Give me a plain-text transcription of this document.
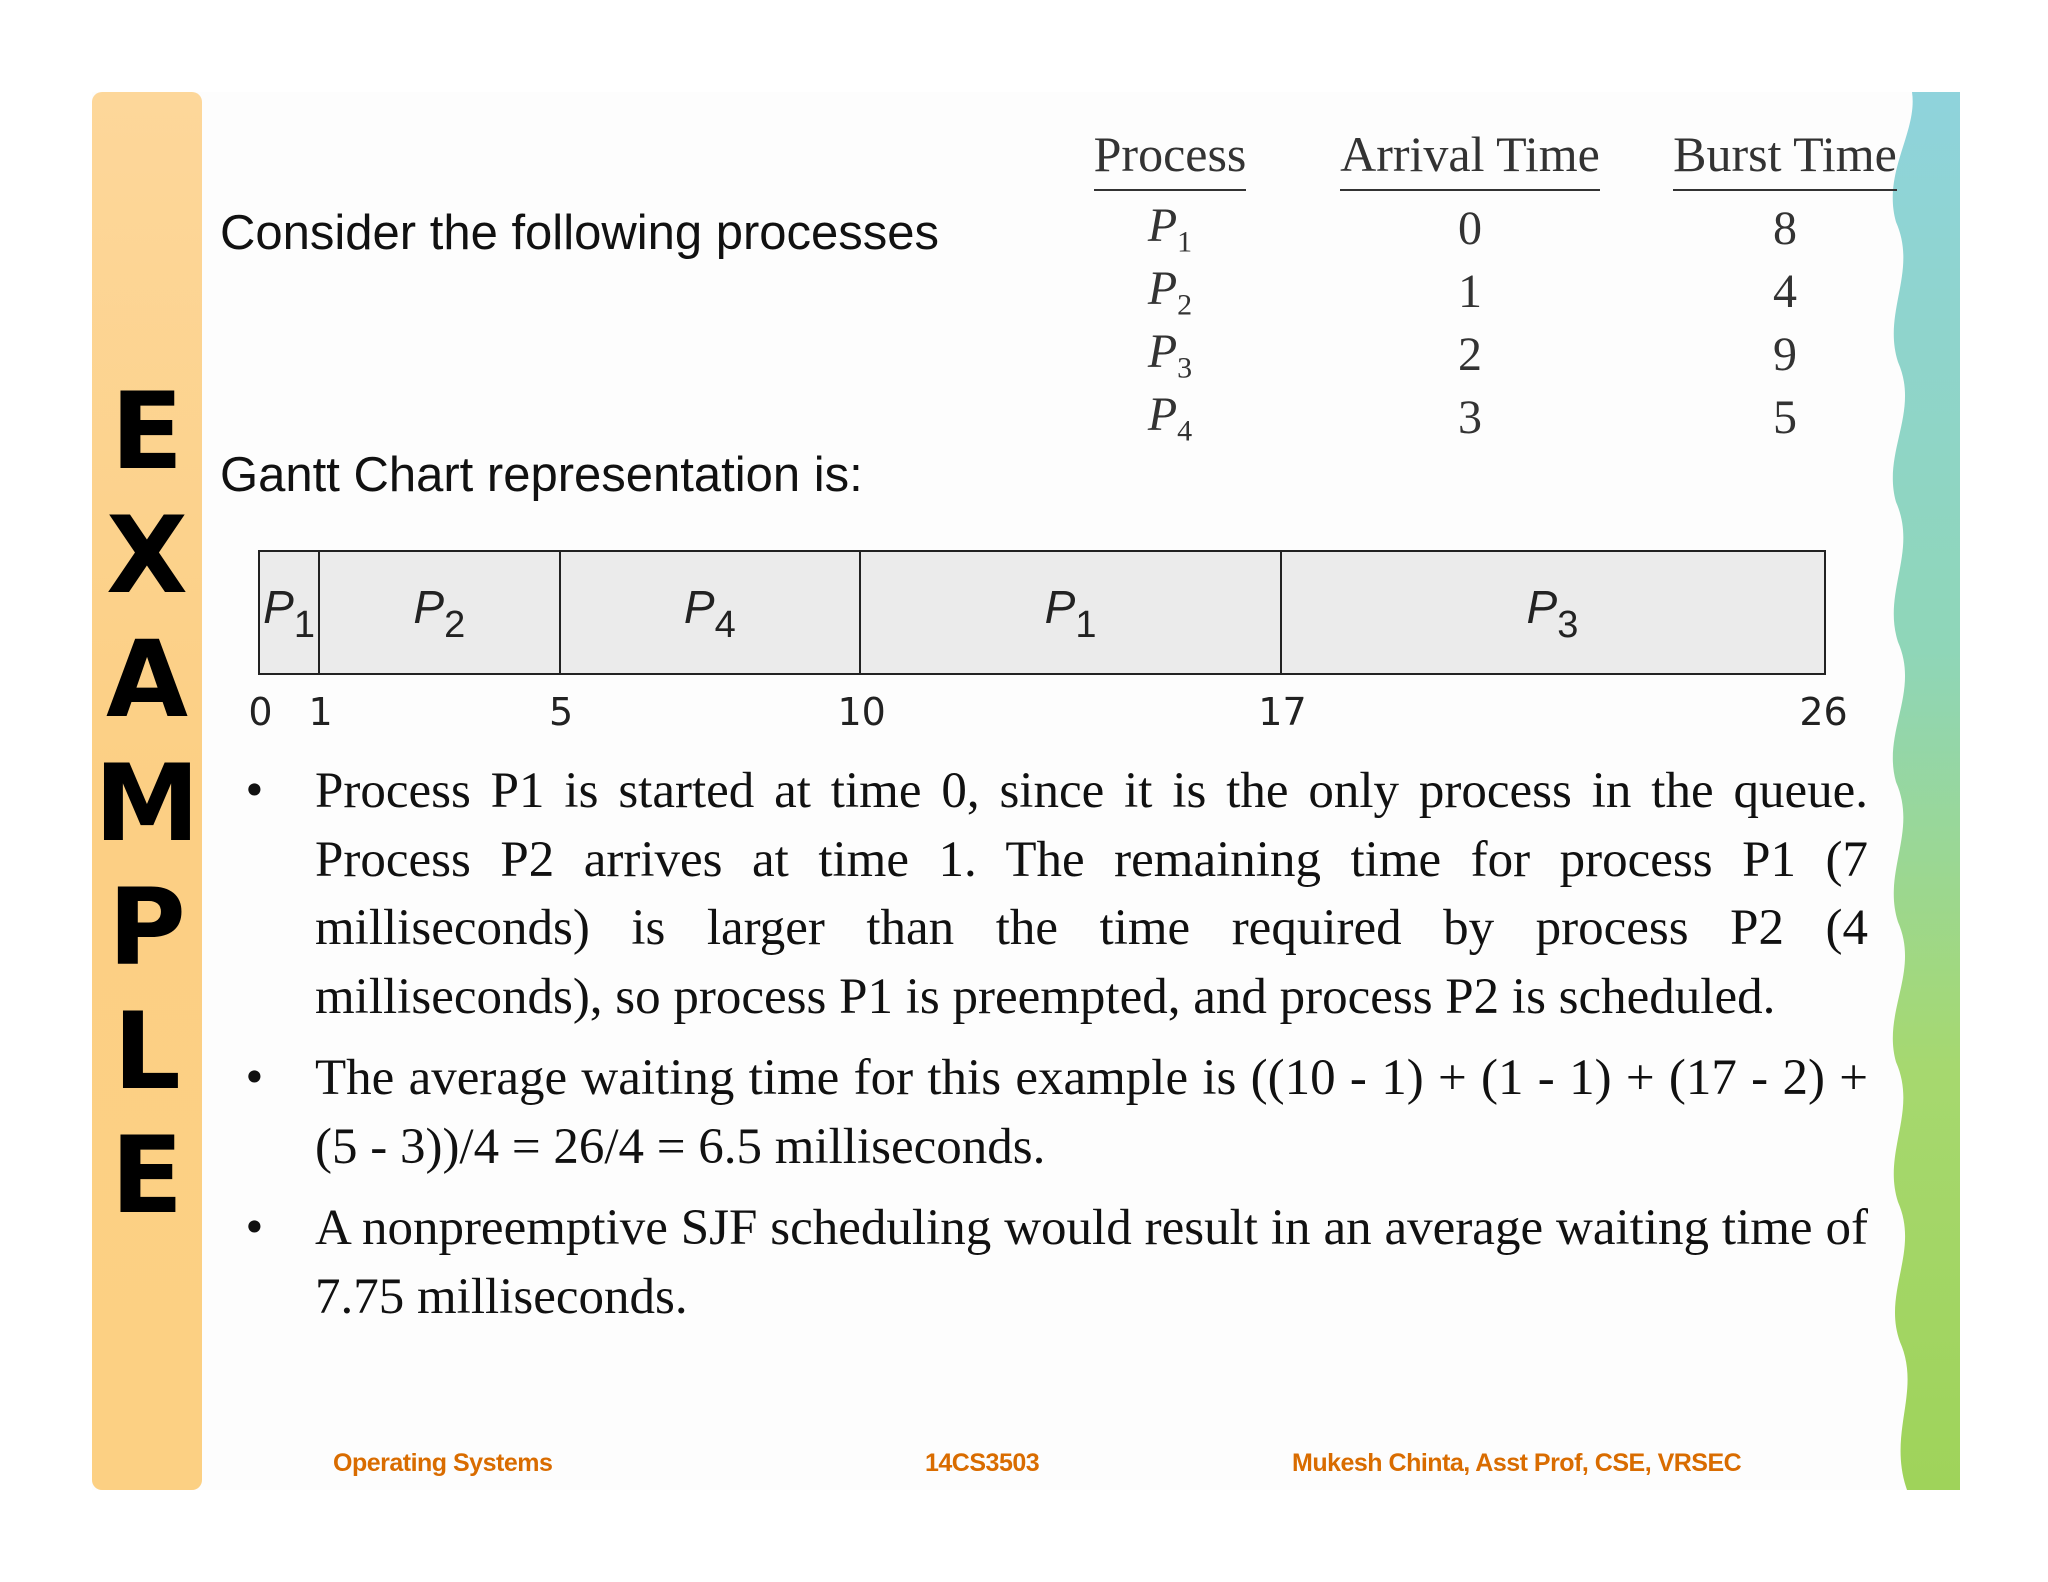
E
X
A
M
P
L
E

Consider the following processes

Gantt Chart representation is:

Process	Arrival Time	Burst Time
$P_1$	0	8
$P_2$	1	4
$P_3$	2	9
$P_4$	3	5
$P_1$	$P_2$	$P_4$	$P_1$	$P_3$
0 1	5	10	17	26
• Process P1 is started at time 0, since it is the only process in the queue. Process P2 arrives at time 1. The remaining time for process P1 (7 milliseconds) is larger than the time required by process P2 (4 milliseconds), so process P1 is preempted, and process P2 is scheduled.
• The average waiting time for this example is ((10 - 1) + (1 - 1) + (17 - 2) + (5 - 3))/4 = 26/4 = 6.5 milliseconds.
• A nonpreemptive SJF scheduling would result in an average waiting time of 7.75 milliseconds.
Operating Systems	14CS3503	Mukesh Chinta, Asst Prof, CSE, VRSEC
